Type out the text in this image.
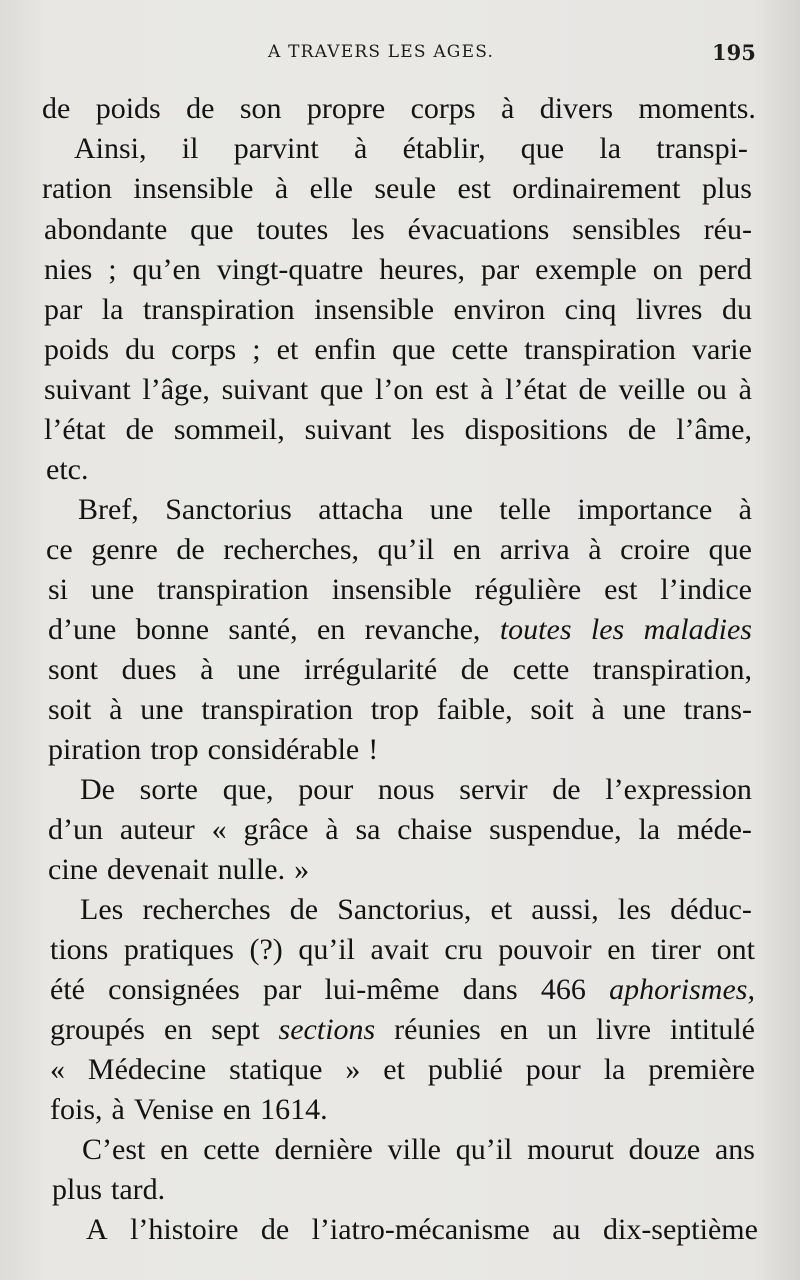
A TRAVERS LES AGES.	195
de poids de son propre corps à divers moments.
Ainsi, il parvint à établir, que la transpi-
ration insensible à elle seule est ordinairement plus
abondante que toutes les évacuations sensibles réu-
nies ; qu’en vingt-quatre heures, par exemple on perd
par la transpiration insensible environ cinq livres du
poids du corps ; et enfin que cette transpiration varie
suivant l’âge, suivant que l’on est à l’état de veille ou à
l’état de sommeil, suivant les dispositions de l’âme,
etc.
Bref, Sanctorius attacha une telle importance à
ce genre de recherches, qu’il en arriva à croire que
si une transpiration insensible régulière est l’indice
d’une bonne santé, en revanche, toutes les maladies
sont dues à une irrégularité de cette transpiration,
soit à une transpiration trop faible, soit à une trans-
piration trop considérable !
De sorte que, pour nous servir de l’expression
d’un auteur « grâce à sa chaise suspendue, la méde-
cine devenait nulle. »
Les recherches de Sanctorius, et aussi, les déduc-
tions pratiques (?) qu’il avait cru pouvoir en tirer ont
été consignées par lui-même dans 466 aphorismes,
groupés en sept sections réunies en un livre intitulé
« Médecine statique » et publié pour la première
fois, à Venise en 1614.
C’est en cette dernière ville qu’il mourut douze ans
plus tard.
A l’histoire de l’iatro-mécanisme au dix-septième
